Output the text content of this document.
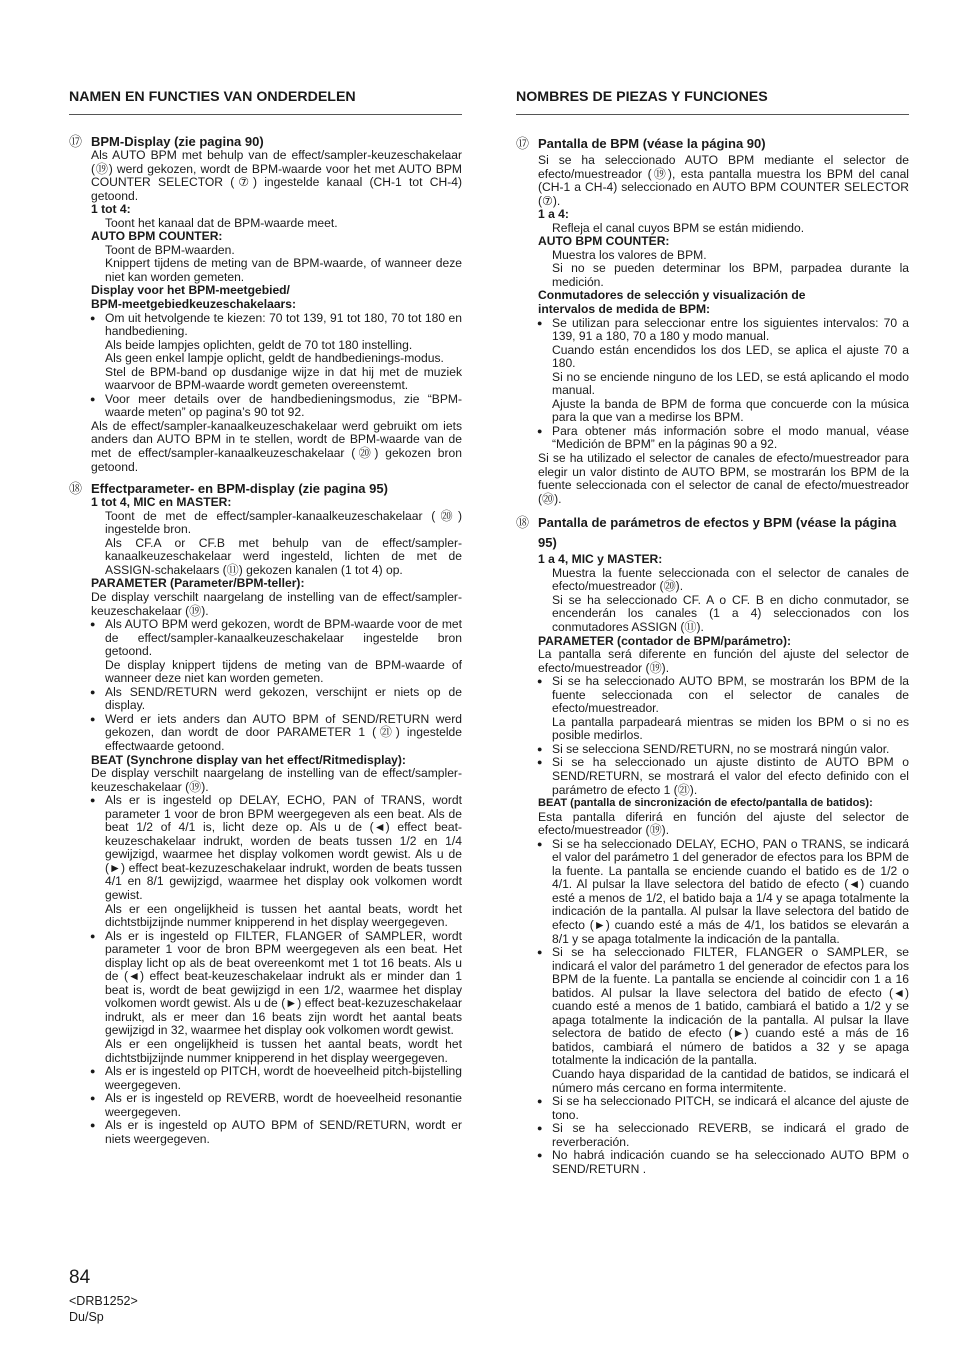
NAMEN EN FUNCTIES VAN ONDERDELEN

⑰ BPM-Display (zie pagina 90)

Als AUTO BPM met behulp van de effect/sampler-keuzeschakelaar (⑲) werd gekozen, wordt de BPM-waarde voor het met AUTO BPM COUNTER SELECTOR (⑦) ingestelde kanaal (CH-1 tot CH-4) getoond.

1 tot 4:

Toont het kanaal dat de BPM-waarde meet.

AUTO BPM COUNTER:

Toont de BPM-waarden.

Knippert tijdens de meting van de BPM-waarde, of wanneer deze niet kan worden gemeten.

Display voor het BPM-meetgebied/

BPM-meetgebiedkeuzeschakelaars:

● Om uit hetvolgende te kiezen: 70 tot 139, 91 tot 180, 70 tot 180 en handbediening.

Als beide lampjes oplichten, geldt de 70 tot 180 instelling.

Als geen enkel lampje oplicht, geldt de handbedienings-modus.

Stel de BPM-band op dusdanige wijze in dat hij met de muziek waarvoor de BPM-waarde wordt gemeten overeenstemt.

● Voor meer details over de handbedieningsmodus, zie “BPM-waarde meten” op pagina’s 90 tot 92.

Als de effect/sampler-kanaalkeuzeschakelaar werd gebruikt om iets anders dan AUTO BPM in te stellen, wordt de BPM-waarde van de met de effect/sampler-kanaalkeuzeschakelaar (⑳) gekozen bron getoond.

⑱ Effectparameter- en BPM-display (zie pagina 95)

1 tot 4, MIC en MASTER:

Toont de met de effect/sampler-kanaalkeuzeschakelaar (⑳) ingestelde bron.

Als CF.A or CF.B met behulp van de effect/sampler-kanaalkeuzeschakelaar werd ingesteld, lichten de met de ASSIGN-schakelaars (⑪) gekozen kanalen (1 tot 4) op.

PARAMETER (Parameter/BPM-teller):

De display verschilt naargelang de instelling van de effect/sampler-keuzeschakelaar (⑲).

● Als AUTO BPM werd gekozen, wordt de BPM-waarde voor de met de effect/sampler-kanaalkeuzeschakelaar ingestelde bron getoond.

De display knippert tijdens de meting van de BPM-waarde of wanneer deze niet kan worden gemeten.

● Als SEND/RETURN werd gekozen, verschijnt er niets op de display.

● Werd er iets anders dan AUTO BPM of SEND/RETURN werd gekozen, dan wordt de door PARAMETER 1 (㉑) ingestelde effectwaarde getoond.

BEAT (Synchrone display van het effect/Ritmedisplay):

De display verschilt naargelang de instelling van de effect/sampler-keuzeschakelaar (⑲).

● Als er is ingesteld op DELAY, ECHO, PAN of TRANS, wordt parameter 1 voor de bron BPM weergegeven als een beat. Als de beat 1/2 of 4/1 is, licht deze op. Als u de (◄) effect beat-keuzeschakelaar indrukt, worden de beats tussen 1/2 en 1/4 gewijzigd, waarmee het display volkomen wordt gewist. Als u de (►) effect beat-kezuzeschakelaar indrukt, worden de beats tussen 4/1 en 8/1 gewijzigd, waarmee het display ook volkomen wordt gewist.

Als er een ongelijkheid is tussen het aantal beats, wordt het dichtstbijzijnde nummer knipperend in het display weergegeven.

● Als er is ingesteld op FILTER, FLANGER of SAMPLER, wordt parameter 1 voor de bron BPM weergegeven als een beat. Het display licht op als de beat overeenkomt met 1 tot 16 beats. Als u de (◄) effect beat-keuzeschakelaar indrukt als er minder dan 1 beat is, wordt de beat gewijzigd in een 1/2, waarmee het display volkomen wordt gewist. Als u de (►) effect beat-kezuzeschakelaar indrukt, als er meer dan 16 beats zijn wordt het aantal beats gewijzigd in 32, waarmee het display ook volkomen wordt gewist.

Als er een ongelijkheid is tussen het aantal beats, wordt het dichtstbijzijnde nummer knipperend in het display weergegeven.

● Als er is ingesteld op PITCH, wordt de hoeveelheid pitch-bijstelling weergegeven.

● Als er is ingesteld op REVERB, wordt de hoeveelheid resonantie weergegeven.

● Als er is ingesteld op AUTO BPM of SEND/RETURN, wordt er niets weergegeven.

NOMBRES DE PIEZAS Y FUNCIONES

⑰ Pantalla de BPM (véase la página 90)

Si se ha seleccionado AUTO BPM mediante el selector de efecto/muestreador (⑲), esta pantalla muestra los BPM del canal (CH-1 a CH-4) seleccionado en AUTO BPM COUNTER SELECTOR (⑦).

1 a 4:

Refleja el canal cuyos BPM se están midiendo.

AUTO BPM COUNTER:

Muestra los valores de BPM.

Si no se pueden determinar los BPM, parpadea durante la medición.

Conmutadores de selección y visualización de

intervalos de medida de BPM:

● Se utilizan para seleccionar entre los siguientes intervalos: 70 a 139, 91 a 180, 70 a 180 y modo manual.

Cuando están encendidos los dos LED, se aplica el ajuste 70 a 180.

Si no se enciende ninguno de los LED, se está aplicando el modo manual.

Ajuste la banda de BPM de forma que concuerde con la música para la que van a medirse los BPM.

● Para obtener más información sobre el modo manual, véase “Medición de BPM” en la páginas 90 a 92.

Si se ha utilizado el selector de canales de efecto/muestreador para elegir un valor distinto de AUTO BPM, se mostrarán los BPM de la fuente seleccionada con el selector de canal de efecto/muestreador (⑳).

⑱ Pantalla de parámetros de efectos y BPM (véase la página 95)

1 a 4, MIC y MASTER:

Muestra la fuente seleccionada con el selector de canales de efecto/muestreador (⑳).

Si se ha seleccionado CF. A o CF. B en dicho conmutador, se encenderán los canales (1 a 4) seleccionados con los conmutadores ASSIGN (⑪).

PARAMETER (contador de BPM/parámetro):

La pantalla será diferente en función del ajuste del selector de efecto/muestreador (⑲).

● Si se ha seleccionado AUTO BPM, se mostrarán los BPM de la fuente seleccionada con el selector de canales de efecto/muestreador.

La pantalla parpadeará mientras se miden los BPM o si no es posible medirlos.

● Si se selecciona SEND/RETURN, no se mostrará ningún valor.

● Si se ha seleccionado un ajuste distinto de AUTO BPM o SEND/RETURN, se mostrará el valor del efecto definido con el parámetro de efecto 1 (㉑).

BEAT (pantalla de sincronización de efecto/pantalla de batidos):

Esta pantalla diferirá en función del ajuste del selector de efecto/muestreador (⑲).

● Si se ha seleccionado DELAY, ECHO, PAN o TRANS, se indicará el valor del parámetro 1 del generador de efectos para los BPM de la fuente. La pantalla se enciende cuando el batido es de 1/2 o 4/1. Al pulsar la llave selectora del batido de efecto (◄) cuando esté a menos de 1/2, el batido baja a 1/4 y se apaga totalmente la indicación de la pantalla. Al pulsar la llave selectora del batido de efecto (►) cuando esté a más de 4/1, los batidos se elevarán a 8/1 y se apaga totalmente la indicación de la pantalla.

● Si se ha seleccionado FILTER, FLANGER o SAMPLER, se indicará el valor del parámetro 1 del generador de efectos para los BPM de la fuente. La pantalla se enciende al coincidir con 1 a 16 batidos. Al pulsar la llave selectora del batido de efecto (◄) cuando esté a menos de 1 batido, cambiará el batido a 1/2 y se apaga totalmente la indicación de la pantalla. Al pulsar la llave selectora de batido de efecto (►) cuando esté a más de 16 batidos, cambiará el número de batidos a 32 y se apaga totalmente la indicación de la pantalla.

Cuando haya disparidad de la cantidad de batidos, se indicará el número más cercano en forma intermitente.

● Si se ha seleccionado PITCH, se indicará el alcance del ajuste de tono.

● Si se ha seleccionado REVERB, se indicará el grado de reverberación.

● No habrá indicación cuando se ha seleccionado AUTO BPM o SEND/RETURN .

84
<DRB1252>
Du/Sp
